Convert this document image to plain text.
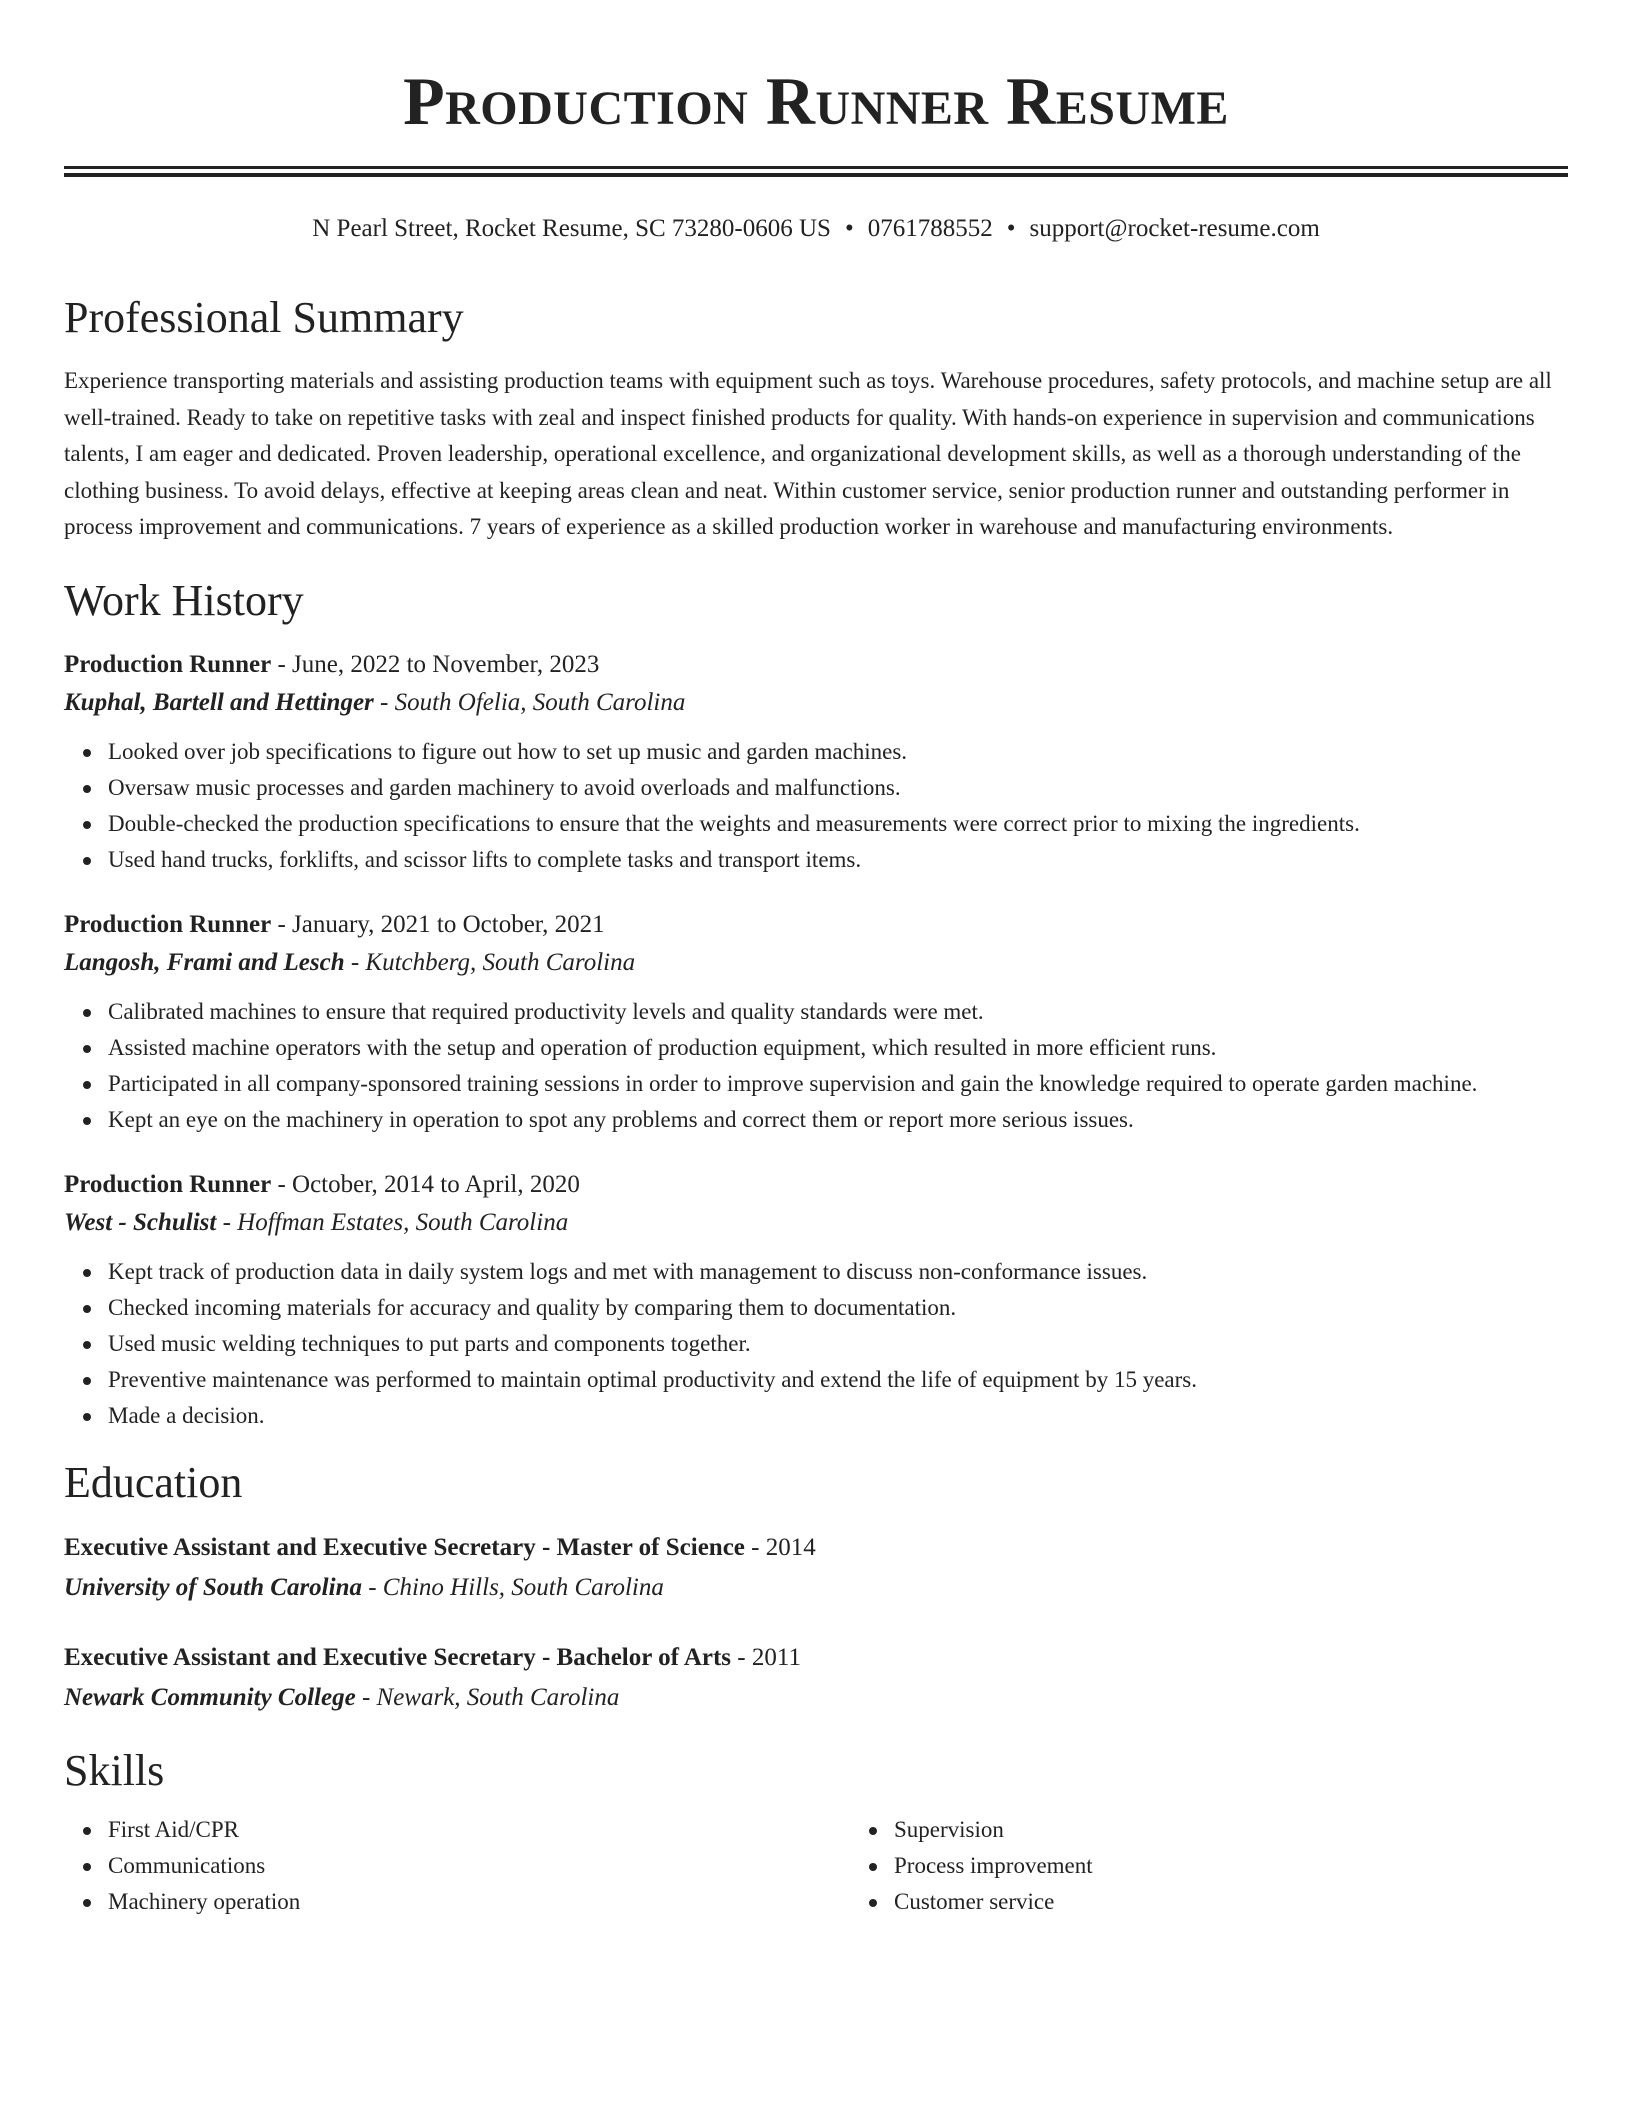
Production Runner Resume
N Pearl Street, Rocket Resume, SC 73280-0606 US • 0761788552 • support@rocket-resume.com
Professional Summary

Experience transporting materials and assisting production teams with equipment such as toys. Warehouse procedures, safety protocols, and machine setup are all well-trained. Ready to take on repetitive tasks with zeal and inspect finished products for quality. With hands-on experience in supervision and communications talents, I am eager and dedicated. Proven leadership, operational excellence, and organizational development skills, as well as a thorough understanding of the clothing business. To avoid delays, effective at keeping areas clean and neat. Within customer service, senior production runner and outstanding performer in process improvement and communications. 7 years of experience as a skilled production worker in warehouse and manufacturing environments.

Work History
Production Runner - June, 2022 to November, 2023
Kuphal, Bartell and Hettinger - South Ofelia, South Carolina
Looked over job specifications to figure out how to set up music and garden machines.
Oversaw music processes and garden machinery to avoid overloads and malfunctions.
Double-checked the production specifications to ensure that the weights and measurements were correct prior to mixing the ingredients.
Used hand trucks, forklifts, and scissor lifts to complete tasks and transport items.
Production Runner - January, 2021 to October, 2021
Langosh, Frami and Lesch - Kutchberg, South Carolina
Calibrated machines to ensure that required productivity levels and quality standards were met.
Assisted machine operators with the setup and operation of production equipment, which resulted in more efficient runs.
Participated in all company-sponsored training sessions in order to improve supervision and gain the knowledge required to operate garden machine.
Kept an eye on the machinery in operation to spot any problems and correct them or report more serious issues.
Production Runner - October, 2014 to April, 2020
West - Schulist - Hoffman Estates, South Carolina
Kept track of production data in daily system logs and met with management to discuss non-conformance issues.
Checked incoming materials for accuracy and quality by comparing them to documentation.
Used music welding techniques to put parts and components together.
Preventive maintenance was performed to maintain optimal productivity and extend the life of equipment by 15 years.
Made a decision.
Education
Executive Assistant and Executive Secretary - Master of Science - 2014
University of South Carolina - Chino Hills, South Carolina
Executive Assistant and Executive Secretary - Bachelor of Arts - 2011
Newark Community College - Newark, South Carolina
Skills
First Aid/CPR
Communications
Machinery operation
Supervision
Process improvement
Customer service
